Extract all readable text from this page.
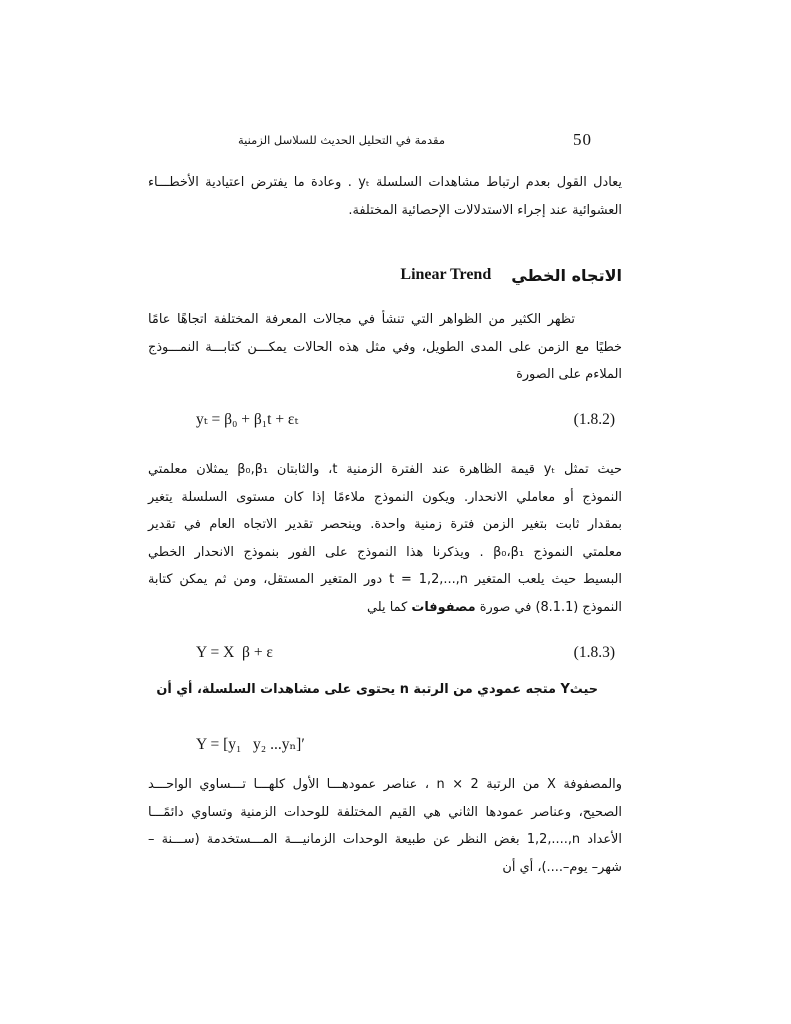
مقدمة في التحليل الحديث للسلاسل الزمنية	50
يعادل القول بعدم ارتباط مشاهدات السلسلة yₜ . وعادة ما يفترض اعتيادية الأخطـــاء
العشوائية عند إجراء الاستدلالات الإحصائية المختلفة.
الاتجاه الخطي
Linear Trend
تظهر الكثير من الظواهر التي تنشأ في مجالات المعرفة المختلفة اتجاهًا عامًا
خطيًا مع الزمن على المدى الطويل، وفي مثل هذه الحالات يمكـــن كتابـــة النمـــوذج
الملاءم على الصورة
yₜ = β₀ + β₁t + εₜ	(1.8.2)
حيث تمثل yₜ قيمة الظاهرة عند الفترة الزمنية t، والثابتان β₀,β₁ يمثلان معلمتي
النموذج أو معاملي الانحدار. ويكون النموذج ملاءمًا إذا كان مستوى السلسلة يتغير
بمقدار ثابت بتغير الزمن فترة زمنية واحدة. وينحصر تقدير الاتجاه العام في تقدير
معلمتي النموذج β₀،β₁ . ويذكرنا هذا النموذج على الفور بنموذج الانحدار الخطي
البسيط حيث يلعب المتغير t = 1,2,...,n دور المتغير المستقل، ومن ثم يمكن كتابة
النموذج (8.1.1) في صورة مصفوفات كما يلي
Y = X  β + ε	(1.8.3)
حيثY متجه عمودي من الرتبة n يحتوى على مشاهدات السلسلة، أي أن
Y = [y₁   y₂ ...yₙ]′
والمصفوفة X من الرتبة n × 2 ، عناصر عمودهـــا الأول كلهـــا تـــساوي الواحـــد
الصحيح، وعناصر عمودها الثاني هي القيم المختلفة للوحدات الزمنية وتساوي دائمًـــا
الأعداد ⁦1,2,....,n⁩ بغض النظر عن طبيعة الوحدات الزمانيـــة المـــستخدمة (ســـنة –
شهر– يوم–....)، أي أن
